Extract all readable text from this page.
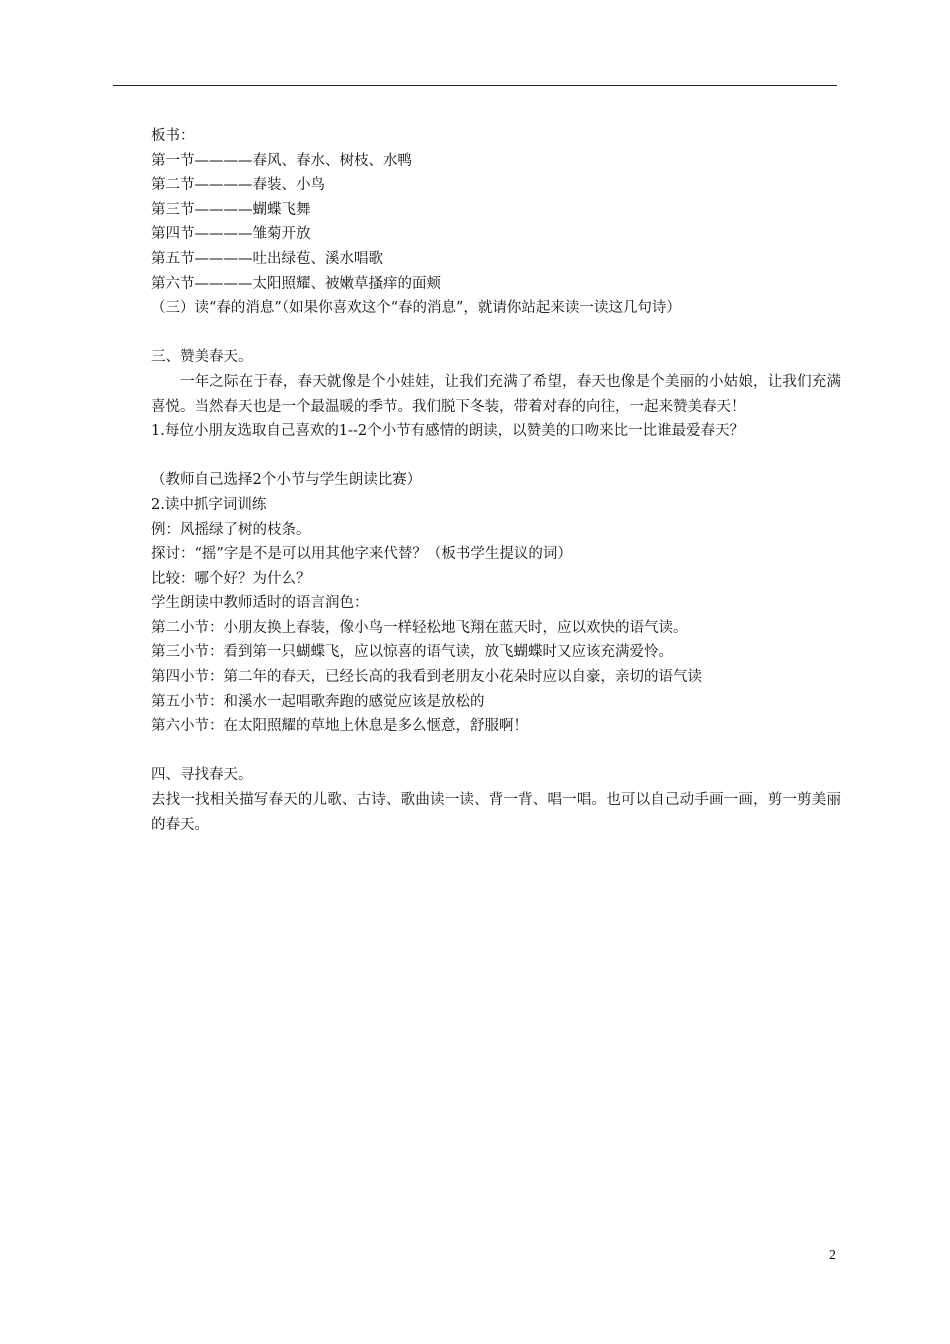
板书：
第一节————春风、春水、树枝、水鸭
第二节————春装、小鸟
第三节————蝴蝶飞舞
第四节————雏菊开放
第五节————吐出绿苞、溪水唱歌
第六节————太阳照耀、被嫩草搔痒的面颊
（三）读“春的消息”（如果你喜欢这个“春的消息”，就请你站起来读一读这几句诗）
三、赞美春天。
一年之际在于春，春天就像是个小娃娃，让我们充满了希望，春天也像是个美丽的小姑娘，让我们充满喜悦。当然春天也是一个最温暖的季节。我们脱下冬装，带着对春的向往，一起来赞美春天！
1.每位小朋友选取自己喜欢的1--2个小节有感情的朗读，以赞美的口吻来比一比谁最爱春天？
（教师自己选择2个小节与学生朗读比赛）
2.读中抓字词训练
例：风摇绿了树的枝条。
探讨：“摇”字是不是可以用其他字来代替？（板书学生提议的词）
比较：哪个好？为什么？
学生朗读中教师适时的语言润色：
第二小节：小朋友换上春装，像小鸟一样轻松地飞翔在蓝天时，应以欢快的语气读。
第三小节：看到第一只蝴蝶飞，应以惊喜的语气读，放飞蝴蝶时又应该充满爱怜。
第四小节：第二年的春天，已经长高的我看到老朋友小花朵时应以自豪，亲切的语气读
第五小节：和溪水一起唱歌奔跑的感觉应该是放松的
第六小节：在太阳照耀的草地上休息是多么惬意，舒服啊！
四、寻找春天。
去找一找相关描写春天的儿歌、古诗、歌曲读一读、背一背、唱一唱。也可以自己动手画一画，剪一剪美丽的春天。
2
